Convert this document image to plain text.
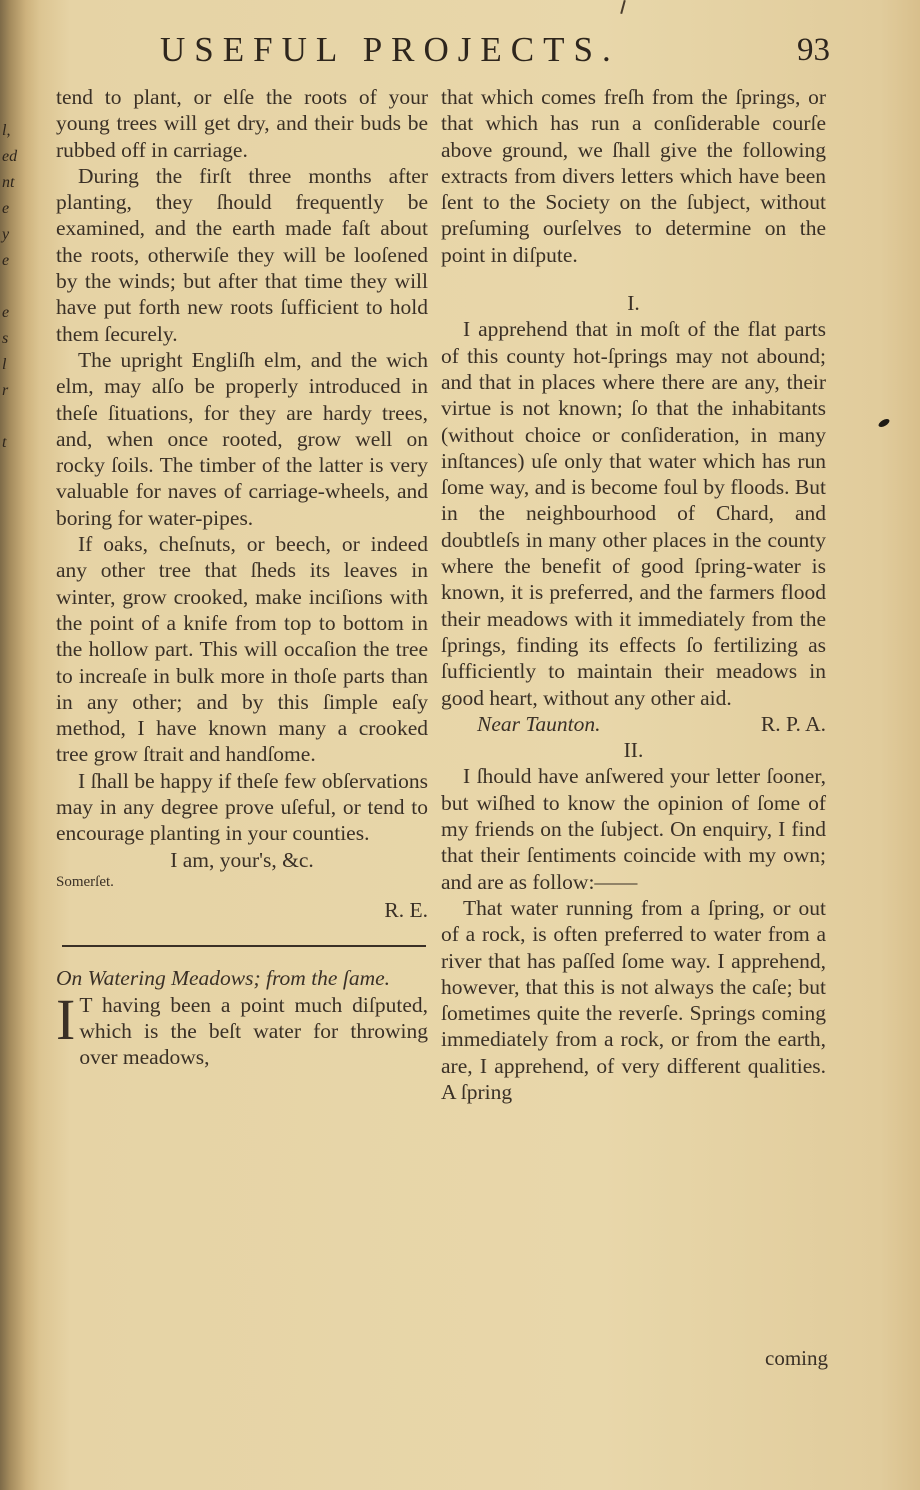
l,
ed
nt
e
y
e
e
s
l
r
t
USEFUL PROJECTS.	93

tend to plant, or elſe the roots of your young trees will get dry, and their buds be rubbed off in carriage.

During the firſt three months after planting, they ſhould frequently be examined, and the earth made faſt about the roots, otherwiſe they will be looſened by the winds; but after that time they will have put forth new roots ſufficient to hold them ſecurely.

The upright Engliſh elm, and the wich elm, may alſo be properly introduced in theſe ſituations, for they are hardy trees, and, when once rooted, grow well on rocky ſoils. The timber of the latter is very valuable for naves of carriage-wheels, and boring for water-pipes.

If oaks, cheſnuts, or beech, or indeed any other tree that ſheds its leaves in winter, grow crooked, make inciſions with the point of a knife from top to bottom in the hollow part. This will occaſion the tree to increaſe in bulk more in thoſe parts than in any other; and by this ſimple eaſy method, I have known many a crooked tree grow ſtrait and handſome.

I ſhall be happy if theſe few obſervations may in any degree prove uſeful, or tend to encourage planting in your counties.

I am, your's, &c.

Somerſet.

R. E.

On Watering Meadows; from the ſame.

I T having been a point much diſputed, which is the beſt water for throwing over meadows,

that which comes freſh from the ſprings, or that which has run a conſiderable courſe above ground, we ſhall give the following extracts from divers letters which have been ſent to the Society on the ſubject, without preſuming ourſelves to determine on the point in diſpute.

I.

I apprehend that in moſt of the flat parts of this county hot-ſprings may not abound; and that in places where there are any, their virtue is not known; ſo that the inhabitants (without choice or conſideration, in many inſtances) uſe only that water which has run ſome way, and is become foul by floods. But in the neighbourhood of Chard, and doubtleſs in many other places in the county where the benefit of good ſpring-water is known, it is preferred, and the farmers flood their meadows with it immediately from the ſprings, finding its effects ſo fertilizing as ſufficiently to maintain their meadows in good heart, without any other aid.

Near Taunton.	R. P. A.

II.

I ſhould have anſwered your letter ſooner, but wiſhed to know the opinion of ſome of my friends on the ſubject. On enquiry, I find that their ſentiments coincide with my own; and are as follow:——

That water running from a ſpring, or out of a rock, is often preferred to water from a river that has paſſed ſome way. I apprehend, however, that this is not always the caſe; but ſometimes quite the reverſe. Springs coming immediately from a rock, or from the earth, are, I apprehend, of very different qualities. A ſpring

coming
